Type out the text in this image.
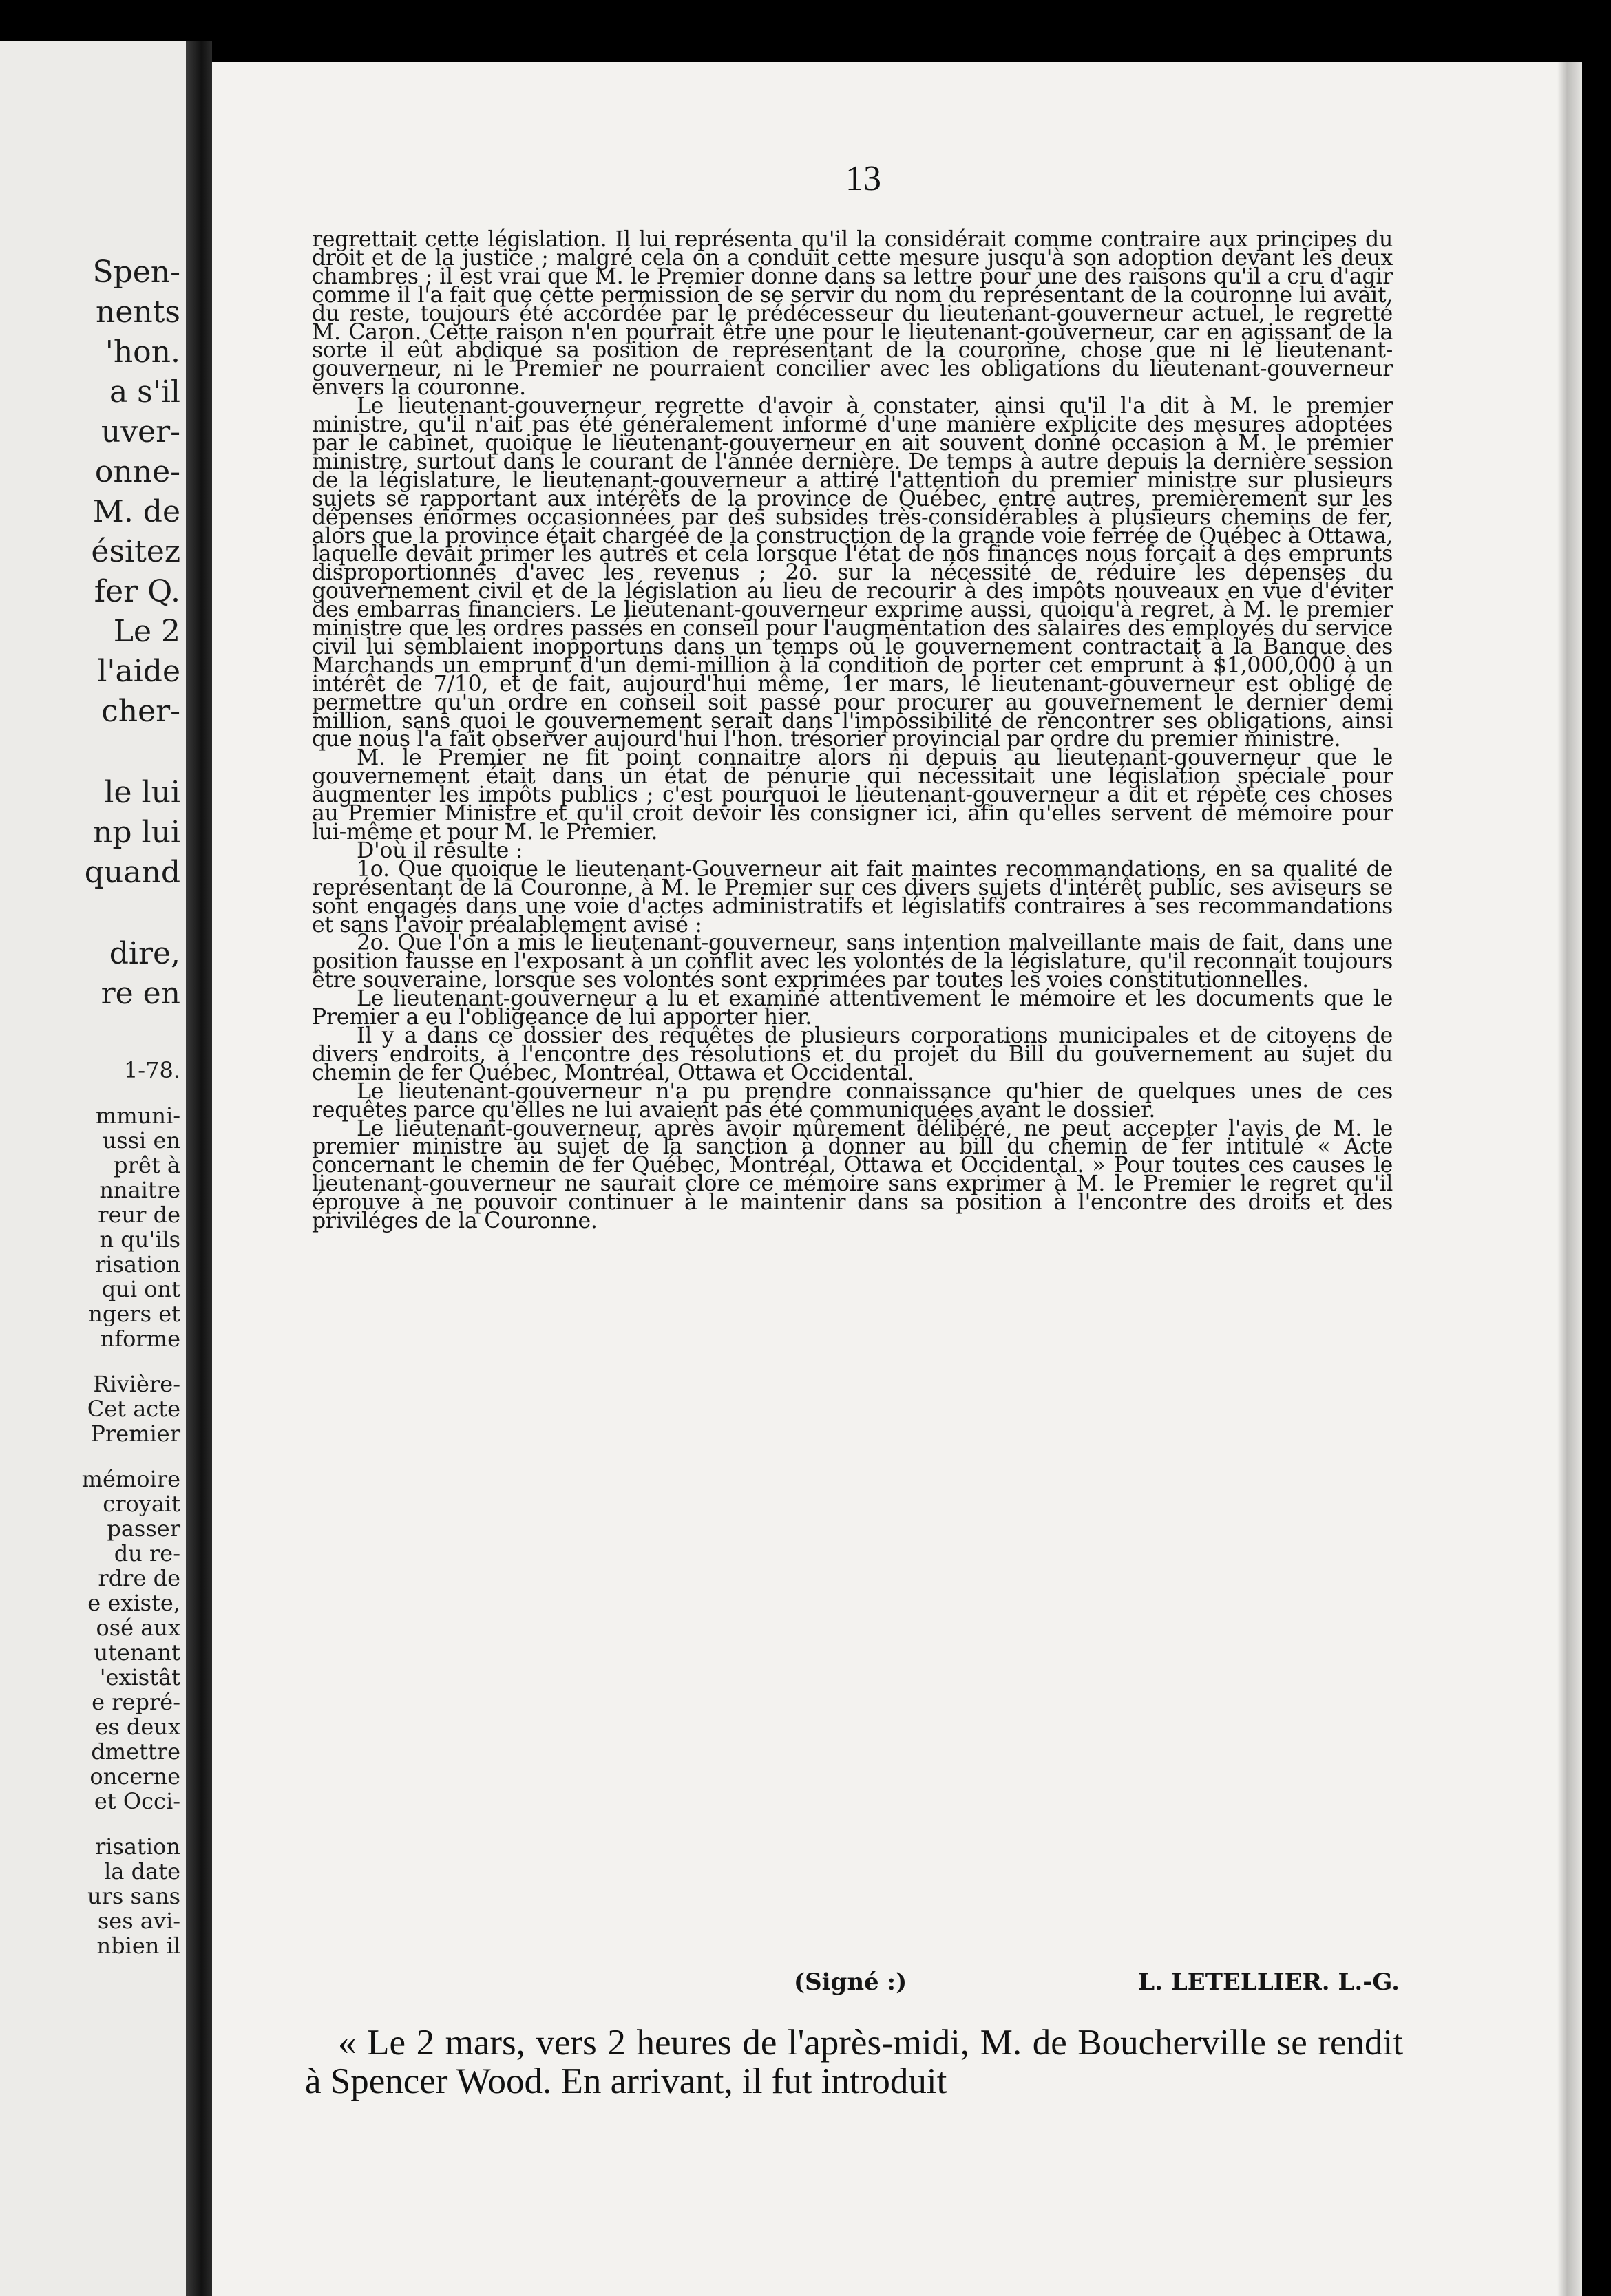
Spen-
nents
'hon.
a s'il
uver-
onne-
M. de
ésitez
fer Q.
Le 2
l'aide
cher-
le lui
np lui
quand
dire,
re en
1-78.
mmuni-
ussi en
prêt à
nnaitre
reur de
n qu'ils
risation
qui ont
ngers et
nforme
Rivière-
Cet acte
Premier
mémoire
croyait
passer
du re-
rdre de
e existe,
osé aux
utenant
'existât
e repré-
es deux
dmettre
oncerne
et Occi-
risation
la date
urs sans
ses avi-
nbien il
13

regrettait cette législation. Il lui représenta qu'il la considérait comme contraire aux principes du droit et de la justice ; malgré cela on a conduit cette mesure jusqu'à son adoption devant les deux chambres ; il est vrai que M. le Premier donne dans sa lettre pour une des raisons qu'il a cru d'agir comme il l'a fait que cette permission de se servir du nom du représentant de la couronne lui avait, du reste, toujours été accordée par le prédécesseur du lieutenant-gouverneur actuel, le regretté M. Caron. Cette raison n'en pourrait être une pour le lieutenant-gouverneur, car en agissant de la sorte il eût abdiqué sa position de représentant de la couronne, chose que ni le lieutenant-gouverneur, ni le Premier ne pourraient concilier avec les obligations du lieutenant-gouverneur envers la couronne.

Le lieutenant-gouverneur regrette d'avoir à constater, ainsi qu'il l'a dit à M. le premier ministre, qu'il n'ait pas été généralement informé d'une manière explicite des mesures adoptées par le cabinet, quoique le lieutenant-gouverneur en ait souvent donné occasion à M. le premier ministre, surtout dans le courant de l'année dernière. De temps à autre depuis la dernière session de la législature, le lieutenant-gouverneur a attiré l'attention du premier ministre sur plusieurs sujets se rapportant aux intérêts de la province de Québec, entre autres, premièrement sur les dépenses énormes occasionnées par des subsides très-considérables à plusieurs chemins de fer, alors que la province était chargée de la construction de la grande voie ferrée de Québec à Ottawa, laquelle devait primer les autres et cela lorsque l'état de nos finances nous forçait à des emprunts disproportionnés d'avec les revenus ; 2o. sur la nécessité de réduire les dépenses du gouvernement civil et de la législation au lieu de recourir à des impôts nouveaux en vue d'éviter des embarras financiers. Le lieutenant-gouverneur exprime aussi, quoiqu'à regret, à M. le premier ministre que les ordres passés en conseil pour l'augmentation des salaires des employés du service civil lui semblaient inopportuns dans un temps où le gouvernement contractait à la Banque des Marchands un emprunt d'un demi-million à la condition de porter cet emprunt à $1,000,000 à un intérêt de 7/10, et de fait, aujourd'hui même, 1er mars, le lieutenant-gouverneur est obligé de permettre qu'un ordre en conseil soit passé pour procurer au gouvernement le dernier demi million, sans quoi le gouvernement serait dans l'impossibilité de rencontrer ses obligations, ainsi que nous l'a fait observer aujourd'hui l'hon. trésorier provincial par ordre du premier ministre.

M. le Premier ne fit point connaitre alors ni depuis au lieutenant-gouverneur que le gouvernement était dans un état de pénurie qui nécessitait une législation spéciale pour augmenter les impôts publics ; c'est pourquoi le lieutenant-gouverneur a dit et répète ces choses au Premier Ministre et qu'il croit devoir les consigner ici, afin qu'elles servent de mémoire pour lui-même et pour M. le Premier.

D'où il résulte :

1o. Que quoique le lieutenant-Gouverneur ait fait maintes recommandations, en sa qualité de représentant de la Couronne, à M. le Premier sur ces divers sujets d'intérêt public, ses aviseurs se sont engagés dans une voie d'actes administratifs et législatifs contraires à ses recommandations et sans l'avoir préalablement avisé :

2o. Que l'on a mis le lieutenant-gouverneur, sans intention malveillante mais de fait, dans une position fausse en l'exposant à un conflit avec les volontés de la législature, qu'il reconnait toujours être souveraine, lorsque ses volontés sont exprimées par toutes les voies constitutionnelles.

Le lieutenant-gouverneur a lu et examiné attentivement le mémoire et les documents que le Premier a eu l'obligeance de lui apporter hier.

Il y a dans ce dossier des requêtes de plusieurs corporations municipales et de citoyens de divers endroits, à l'encontre des résolutions et du projet du Bill du gouvernement au sujet du chemin de fer Québec, Montréal, Ottawa et Occidental.

Le lieutenant-gouverneur n'a pu prendre connaissance qu'hier de quelques unes de ces requêtes parce qu'elles ne lui avaient pas été communiquées avant le dossier.

Le lieutenant-gouverneur, après avoir mûrement délibéré, ne peut accepter l'avis de M. le premier ministre au sujet de la sanction à donner au bill du chemin de fer intitulé « Acte concernant le chemin de fer Québec, Montréal, Ottawa et Occidental. » Pour toutes ces causes le lieutenant-gouverneur ne saurait clore ce mémoire sans exprimer à M. le Premier le regret qu'il éprouve à ne pouvoir continuer à le maintenir dans sa position à l'encontre des droits et des priviléges de la Couronne.

(Signé :)	L. LETELLIER. L.-G.
« Le 2 mars, vers 2 heures de l'après-midi, M. de Boucherville se rendit à Spencer Wood. En arrivant, il fut introduit
